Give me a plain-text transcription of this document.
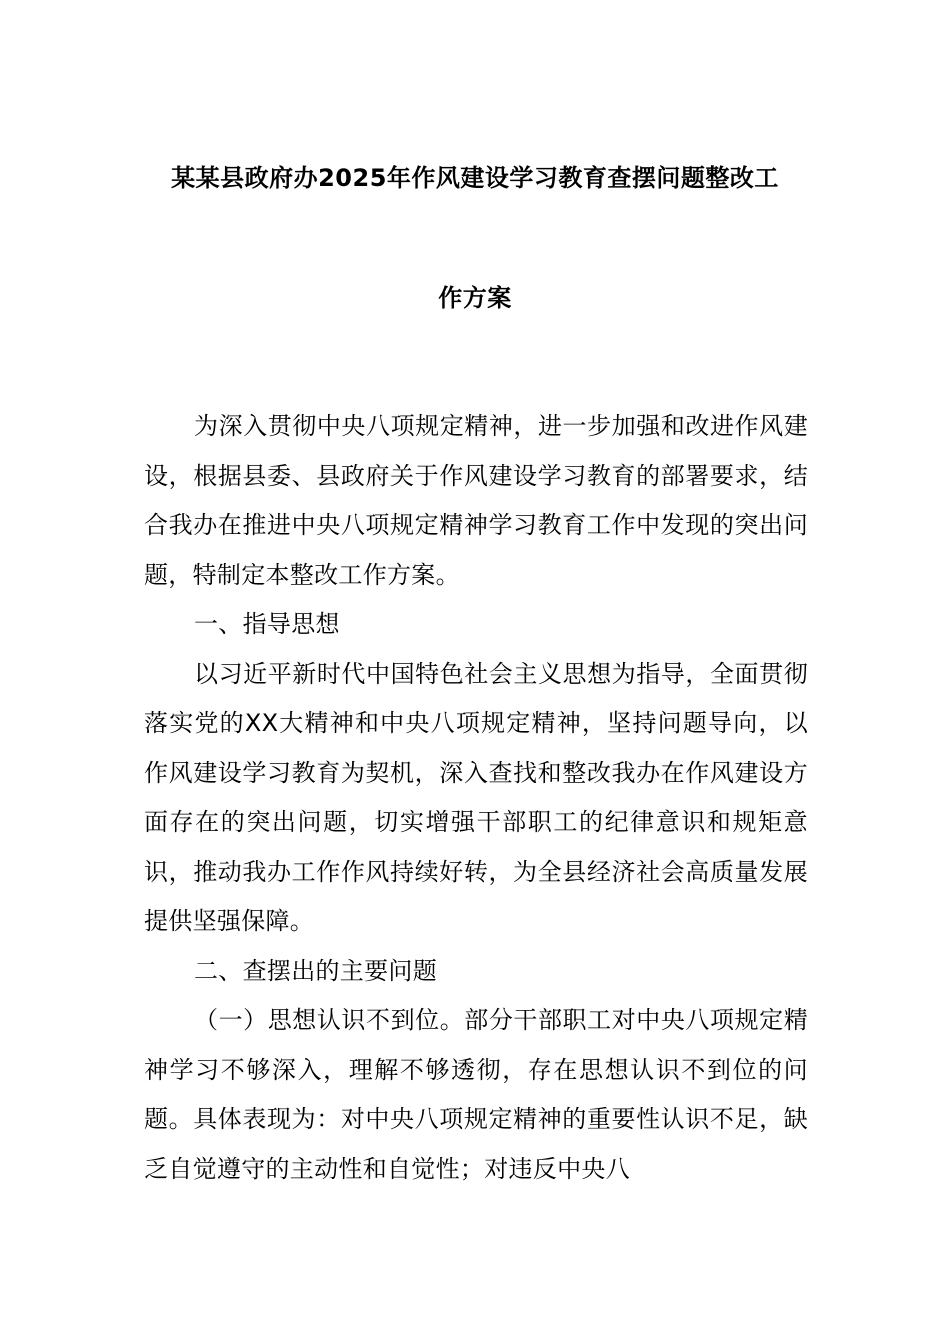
某某县政府办2025年作风建设学习教育查摆问题整改工
作方案

为深入贯彻中央八项规定精神，进一步加强和改进作风建设，根据县委、县政府关于作风建设学习教育的部署要求，结合我办在推进中央八项规定精神学习教育工作中发现的突出问题，特制定本整改工作方案。

一、指导思想

以习近平新时代中国特色社会主义思想为指导，全面贯彻落实党的XX大精神和中央八项规定精神，坚持问题导向，以作风建设学习教育为契机，深入查找和整改我办在作风建设方面存在的突出问题，切实增强干部职工的纪律意识和规矩意识，推动我办工作作风持续好转，为全县经济社会高质量发展提供坚强保障。

二、查摆出的主要问题

（一）思想认识不到位。部分干部职工对中央八项规定精神学习不够深入，理解不够透彻，存在思想认识不到位的问题。具体表现为：对中央八项规定精神的重要性认识不足，缺乏自觉遵守的主动性和自觉性；对违反中央八
